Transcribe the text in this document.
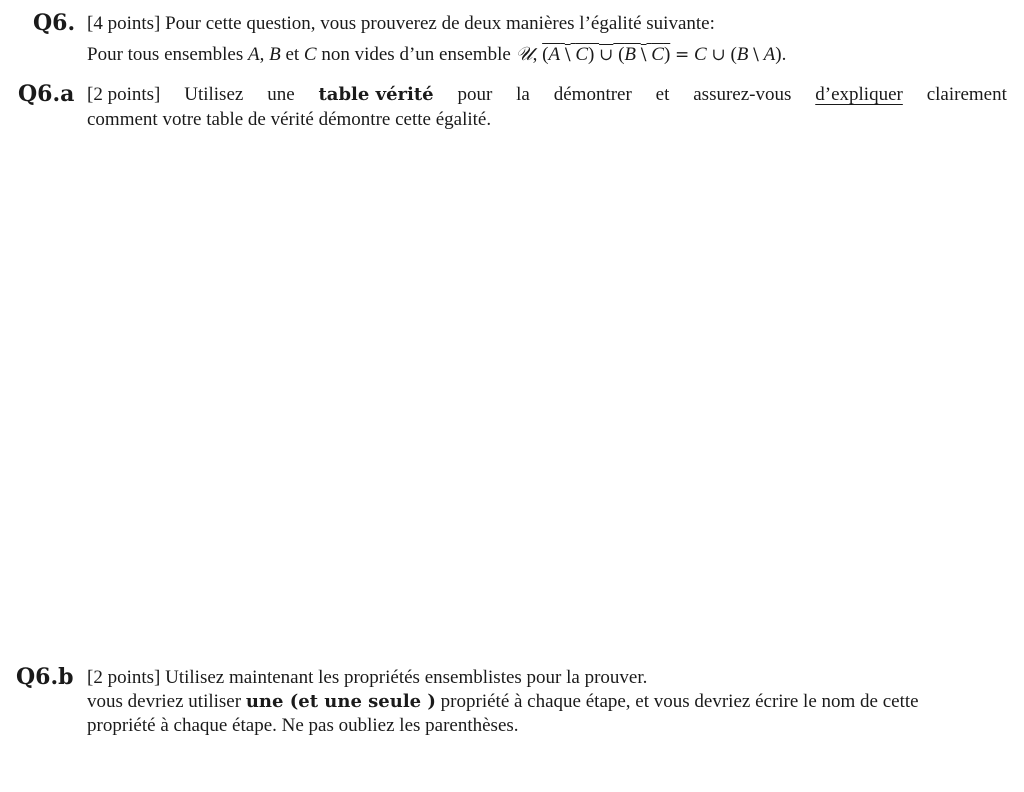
Q6. [4 points] Pour cette question, vous prouverez de deux manières l’égalité suivante:
Pour tous ensembles A, B et C non vides d’un ensemble 𝒰, (A \ C) ∪ (B \ C) = C ∪ (B \ A).
Q6.a [2 points] Utilisez une table vérité pour la démontrer et assurez-vous d’expliquer clairement
comment votre table de vérité démontre cette égalité.
Q6.b [2 points] Utilisez maintenant les propriétés ensemblistes pour la prouver.
vous devriez utiliser une (et une seule ) propriété à chaque étape, et vous devriez écrire le nom de cette
propriété à chaque étape. Ne pas oubliez les parenthèses.
